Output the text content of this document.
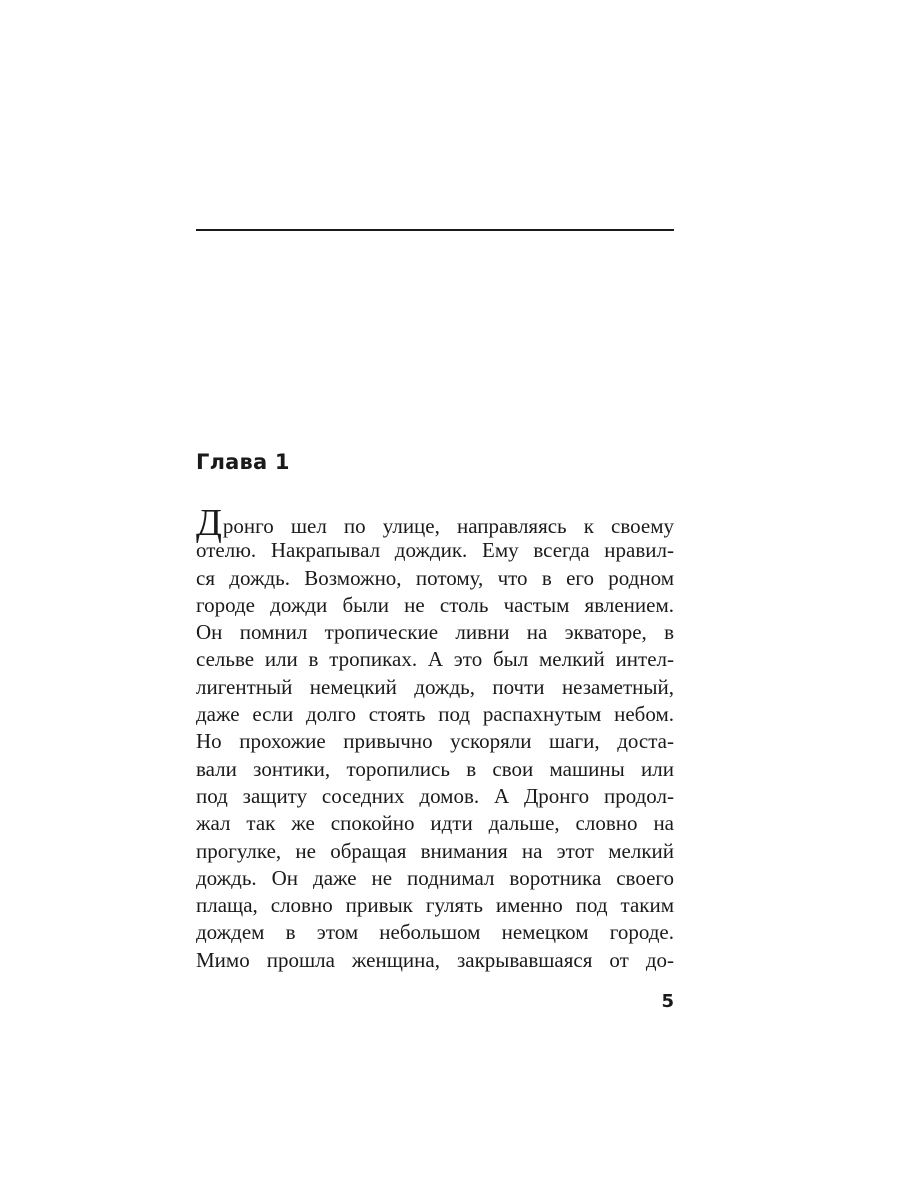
Глава 1
Дронго шел по улице, направляясь к своему
отелю. Накрапывал дождик. Ему всегда нравил-
ся дождь. Возможно, потому, что в его родном
городе дожди были не столь частым явлением.
Он помнил тропические ливни на экваторе, в
сельве или в тропиках. А это был мелкий интел-
лигентный немецкий дождь, почти незаметный,
даже если долго стоять под распахнутым небом.
Но прохожие привычно ускоряли шаги, доста-
вали зонтики, торопились в свои машины или
под защиту соседних домов. А Дронго продол-
жал так же спокойно идти дальше, словно на
прогулке, не обращая внимания на этот мелкий
дождь. Он даже не поднимал воротника своего
плаща, словно привык гулять именно под таким
дождем в этом небольшом немецком городе.
Мимо прошла женщина, закрывавшаяся от до-

5
